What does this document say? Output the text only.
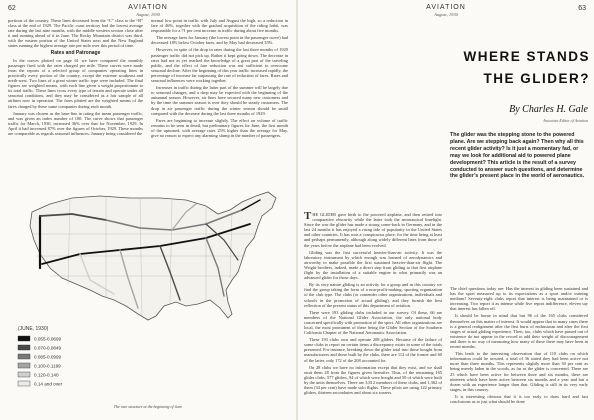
62	AVIATION
August, 1930

portions of the country. These lines decreased from the “C” class to the “B” class at the end of 1929. The Pacific coast territory had the lowest average rate during the last nine months, with the middle western section close after it and running ahead of it in June. The Rocky Mountain district was third, with the eastern portion of the United States next and the New England states running the highest average rate per mile over this period of time.

Rates and Patronage

In the curves plotted on page 61 we have compared the monthly passenger fired with the rates charged per mile. These curves were made from the reports of a selected group of companies operating lines in practically every portion of the country, except the extreme southeast and north-west. Two lines of a great winter traffic type were included. The final figures are weighted means, with each line given a weight proportionate to its total traffic. These lines cross every type of terrain and operate under all seasonal conditions, and they may be considered as a fair sample of all airlines now in operation. The fares plotted are the weighted means of the fares charged by these same companies during each month.

January was chosen as the base-line in rating the mean passenger traffic, and was given an index number of 100. The curve shows that passenger traffic for March, 1930, increased 36% over that for November, 1929. In April it had increased 87% over the figures of October, 1929. These months are comparable as regards seasonal influences. January being considered the

normal low point in traffic with July and August the high, so a reduction in fare of 46%, together with the gradual acquisition of the riding habit, was responsible for a 71 per cent increase in traffic during about five months.

The average fares for January (the lowest point in the passenger curve) had decreased 18% below October fares, and by May had decreased 35%.

However, in spite of the drop in rates during the last three months of 1929 passenger traffic did not pick up. Rather it kept going down. The decrease in rates had not as yet reached the knowledge of a great part of the traveling public, and the effect of fare reduction was not sufficient to overcome seasonal decline. After the beginning of this year traffic increased rapidly, the percentage of increase far surpassing the rate of reduction of fares. Rates and seasonal influences were working together.

Increases in traffic during the latter part of the summer will be largely due to seasonal changes, and a drop may be expected with the beginning of the autumnal season. However, air lines have secured many new customers and by the time the summer season is over they should be steady customers. The drop in air passenger traffic during the winter season should be small compared with the decrease during the last three months of 1929.

Fares are beginning to increase slightly. The effect on volume of traffic remains to be seen in detail, but preliminary figures for June, the first month of the upturned, with average rates 25% higher than the average for May, give no reason to expect any alarming slump in the number of passengers.

(JUNE, 1930)
0.055-0.0699
0.070-0.0849
0.085-0.0999
0.100-0.1199
0.120-0.140
0.14 and over
The rate structure at the beginning of June
AVIATION
August, 1930
63
WHERE STANDS
THE GLIDER?
By Charles H. Gale
Associate Editor of Aviation
The glider was the stepping stone to the powered plane. Are we stepping back again? Then why all this recent glider activity? Is it just a momentary fad, or may we look for additional aid to powered plane development? This article is the result of a survey conducted to answer such questions, and determine the glider’s present place in the world of aeronautics.

THE GLIDER gave birth to the powered airplane, and then retired into comparative obscurity while the latter took the aeronautical limelight. Since the war the glider has made a strong come-back in Germany, and in the last 24 months it has enjoyed a rising tide of popularity in the United States and other countries. It has won a conspicuous place, for the time being at least and perhaps permanently, although along widely different lines from those of the years before the airplane had been evolved.

Gliding was the first successful heavier-than-air activity. It was the laboratory instrument by which enough was learned of aerodynamics and airworthy to make possible the first sustained heavier-than-air flight. The Wright brothers, indeed, made a direct step from gliding to that first airplane flight by the installation of a suitable engine in what primarily was an advanced glider for those days.

By its very nature gliding is an activity for a group and in this country we find the group taking the form of a non-profit-making, sporting organization of the club type. The clubs (or contender other organizations, individuals and schools in the promotion of actual gliding), and they furnish the best reflection of the present status of this department of aviation.

There were 193 gliding clubs included in our survey. Of these, 66 are members of the National Glider Association, the only national body concerned specifically with promotion of the sport. All other organizations are local, the most prominent of these being the Glider Section of the Southern California Chapter of the National Aeronautic Association.

These 193 clubs own and operate 208 gliders. Because of the failure of some clubs to report on certain items a discrepancy exists in some of the totals presented. For instance, breaking down the glider total into those bought from manufacturers and those built by the clubs, there are 112 of the former and 60 of the latter, only 172 of the 208 accounted for.

On 28 clubs we have no information except that they exist, and we shall omit them 28 from the figures given hereafter. Thus, of the remaining 165 glider clubs, 577 gliders, 94 of which were bought and 50 of which were built by the units themselves. There are 3,812 members of these clubs, and 1,362 of them (34 per cent) have made solo flights. These pilots are using 122 primary gliders, thirteen secondaries and about six soarers.

The chief questions today are: Has the interest in gliding been sustained and has the sport measured up to its expectations as a sport and/or training medium? Seventy-eight clubs report that interest is being maintained or is increasing. Two report it as intense while five report indifference, eleven say that interest has fallen off.

It should be borne in mind that but 96 of the 165 clubs considered themselves on this matter of interest. It would appear that in many cases there is a general realignment after the first burst of enthusiasm and after the first stages of actual gliding experience. Then, too, clubs which have passed out of existence do not appear in the record to add their weight of discouragement and there is no way of measuring how many of these there may have been in recent months.

This leads to the interesting observation that of 110 clubs on which information could be secured, a total of 36 stated they had been active not more than three months. This represents slightly more than 30 per cent as being merely laden in the woods, as far as the glider is concerned. There are 25 which have been active for between three and six months, there are nineteen which have been active between six months and a year and but a dozen with an experience longer than that. Gliding is still in its very early stages, in this country.

It is interesting obvious that it is too early to draw hard and fast conclusions as to just what should be done
